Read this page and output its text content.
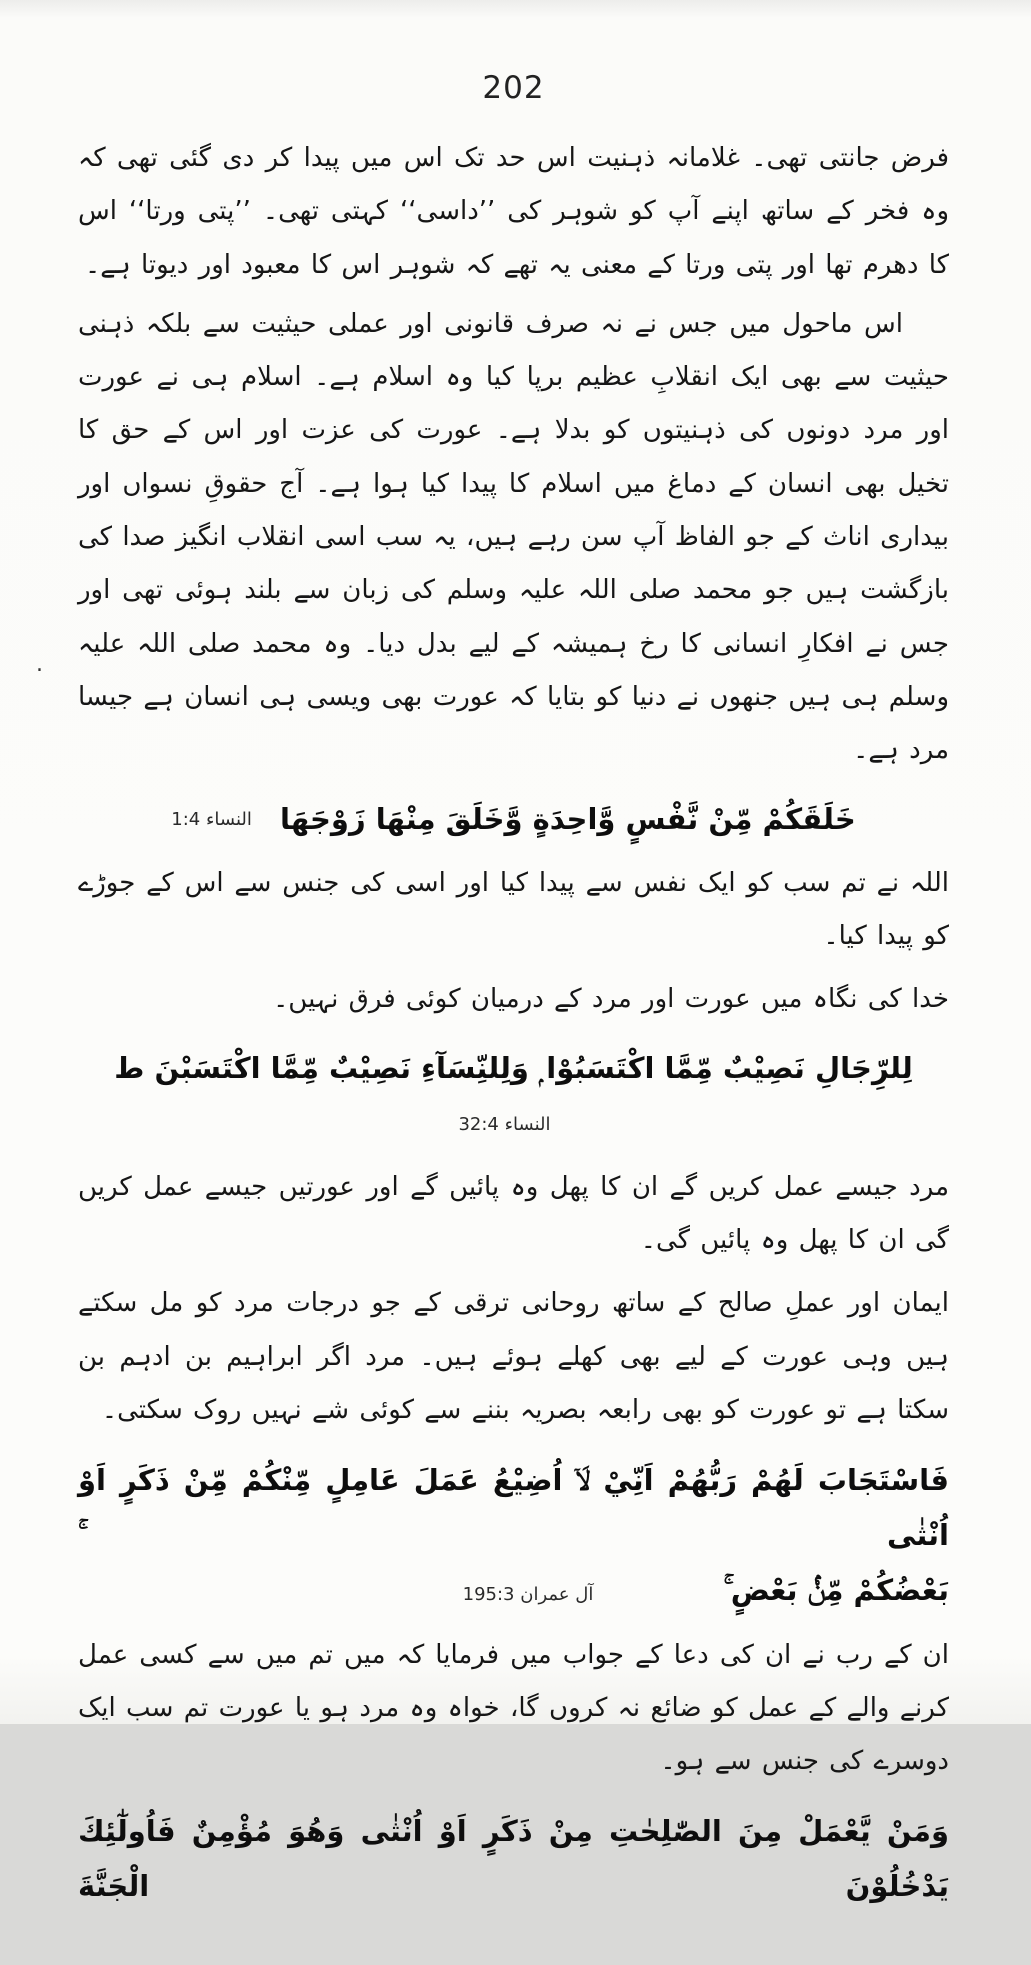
202

فرض جانتی تھی۔ غلامانہ ذہنیت اس حد تک اس میں پیدا کر دی گئی تھی کہ وہ فخر کے ساتھ اپنے آپ کو شوہر کی ’’داسی‘‘ کہتی تھی۔ ’’پتی ورتا‘‘ اس کا دھرم تھا اور پتی ورتا کے معنی یہ تھے کہ شوہر اس کا معبود اور دیوتا ہے۔

اس ماحول میں جس نے نہ صرف قانونی اور عملی حیثیت سے بلکہ ذہنی حیثیت سے بھی ایک انقلابِ عظیم برپا کیا وہ اسلام ہے۔ اسلام ہی نے عورت اور مرد دونوں کی ذہنیتوں کو بدلا ہے۔ عورت کی عزت اور اس کے حق کا تخیل بھی انسان کے دماغ میں اسلام کا پیدا کیا ہوا ہے۔ آج حقوقِ نسواں اور بیداری اناث کے جو الفاظ آپ سن رہے ہیں، یہ سب اسی انقلاب انگیز صدا کی بازگشت ہیں جو محمد صلی اللہ علیہ وسلم کی زبان سے بلند ہوئی تھی اور جس نے افکارِ انسانی کا رخ ہمیشہ کے لیے بدل دیا۔ وہ محمد صلی اللہ علیہ وسلم ہی ہیں جنھوں نے دنیا کو بتایا کہ عورت بھی ویسی ہی انسان ہے جیسا مرد ہے۔

خَلَقَكُمْ مِّنْ نَّفْسٍ وَّاحِدَةٍ وَّخَلَقَ مِنْهَا زَوْجَهَا النساء 1:4

اللہ نے تم سب کو ایک نفس سے پیدا کیا اور اسی کی جنس سے اس کے جوڑے کو پیدا کیا۔

خدا کی نگاہ میں عورت اور مرد کے درمیان کوئی فرق نہیں۔

لِلرِّجَالِ نَصِيْبٌ مِّمَّا اكْتَسَبُوْا ۭ وَلِلنِّسَآءِ نَصِيْبٌ مِّمَّا اكْتَسَبْنَ ط النساء 32:4

مرد جیسے عمل کریں گے ان کا پھل وہ پائیں گے اور عورتیں جیسے عمل کریں گی ان کا پھل وہ پائیں گی۔

ایمان اور عملِ صالح کے ساتھ روحانی ترقی کے جو درجات مرد کو مل سکتے ہیں وہی عورت کے لیے بھی کھلے ہوئے ہیں۔ مرد اگر ابراہیم بن ادہم بن سکتا ہے تو عورت کو بھی رابعہ بصریہ بننے سے کوئی شے نہیں روک سکتی۔

فَاسْتَجَابَ لَهُمْ رَبُّهُمْ اَنِّيْ لَاۤ اُضِيْعُ عَمَلَ عَامِلٍ مِّنْكُمْ مِّنْ ذَكَرٍ اَوْ اُنْثٰى ۚ
بَعْضُكُمْ مِّنْۢ بَعْضٍ ۚ آل عمران 195:3

ان کے رب نے ان کی دعا کے جواب میں فرمایا کہ میں تم میں سے کسی عمل کرنے والے کے عمل کو ضائع نہ کروں گا، خواہ وہ مرد ہو یا عورت تم سب ایک دوسرے کی جنس سے ہو۔

وَمَنْ يَّعْمَلْ مِنَ الصّٰلِحٰتِ مِنْ ذَكَرٍ اَوْ اُنْثٰى وَهُوَ مُؤْمِنٌ فَاُولٰٓئِكَ يَدْخُلُوْنَ الْجَنَّةَ
.
